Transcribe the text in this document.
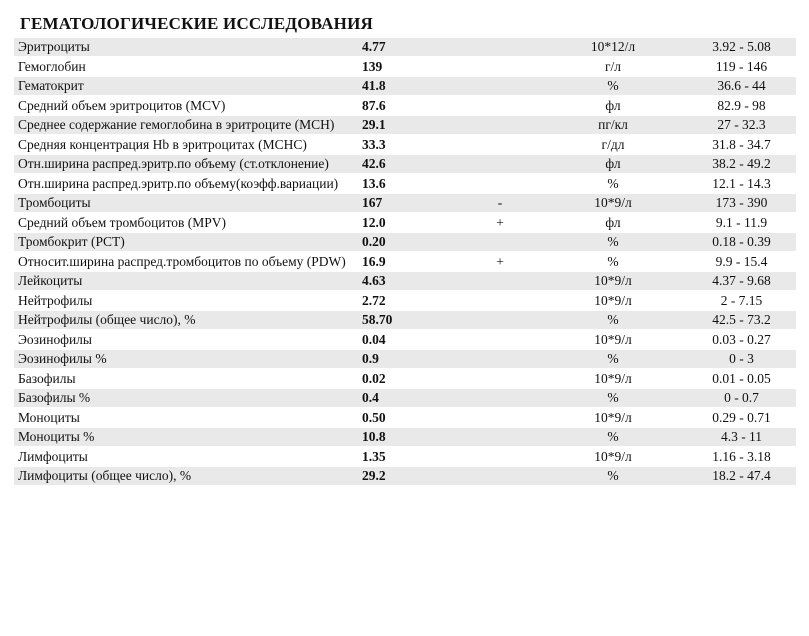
ГЕМАТОЛОГИЧЕСКИЕ ИССЛЕДОВАНИЯ
Эритроциты	4.77		10*12/л	3.92 - 5.08
Гемоглобин	139		г/л	119 - 146
Гематокрит	41.8		%	36.6 - 44
Средний объем эритроцитов (MCV)	87.6		фл	82.9 - 98
Среднее содержание гемоглобина в эритроците (MCH)	29.1		пг/кл	27 - 32.3
Средняя концентрация Hb в эритроцитах (MCHC)	33.3		г/дл	31.8 - 34.7
Отн.ширина распред.эритр.по объему (ст.отклонение)	42.6		фл	38.2 - 49.2
Отн.ширина распред.эритр.по объему(коэфф.вариации)	13.6		%	12.1 - 14.3
Тромбоциты	167	-	10*9/л	173 - 390
Средний объем тромбоцитов (MPV)	12.0	+	фл	9.1 - 11.9
Тромбокрит (PCT)	0.20		%	0.18 - 0.39
Относит.ширина распред.тромбоцитов по объему (PDW)	16.9	+	%	9.9 - 15.4
Лейкоциты	4.63		10*9/л	4.37 - 9.68
Нейтрофилы	2.72		10*9/л	2 - 7.15
Нейтрофилы (общее число), %	58.70		%	42.5 - 73.2
Эозинофилы	0.04		10*9/л	0.03 - 0.27
Эозинофилы %	0.9		%	0 - 3
Базофилы	0.02		10*9/л	0.01 - 0.05
Базофилы %	0.4		%	0 - 0.7
Моноциты	0.50		10*9/л	0.29 - 0.71
Моноциты %	10.8		%	4.3 - 11
Лимфоциты	1.35		10*9/л	1.16 - 3.18
Лимфоциты (общее число), %	29.2		%	18.2 - 47.4
